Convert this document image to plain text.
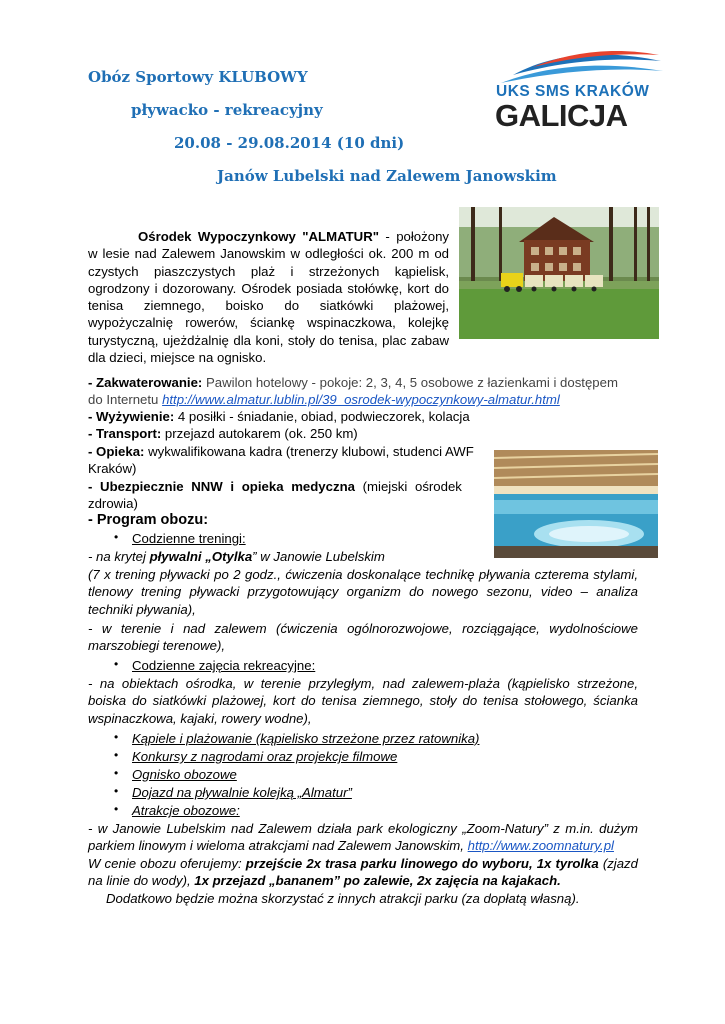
Obóz Sportowy KLUBOWY
pływacko - rekreacyjny
20.08 - 29.08.2014 (10 dni)
Janów Lubelski nad Zalewem Janowskim
UKS SMS KRAKÓW
GALICJA
Ośrodek Wypoczynkowy "ALMATUR" - położony w lesie nad Zalewem Janowskim w odległości ok. 200 m od czystych piaszczystych plaż i strzeżonych kąpielisk, ogrodzony i dozorowany. Ośrodek posiada stołówkę, kort do tenisa ziemnego, boisko do siatkówki plażowej, wypożyczalnię rowerów, ściankę wspinaczkowa, kolejkę turystyczną, ujeżdżalnię dla koni, stoły do tenisa, plac zabaw dla dzieci, miejsce na ognisko.
- Zakwaterowanie: Pawilon hotelowy - pokoje: 2, 3, 4, 5 osobowe z łazienkami i dostępem
do Internetu http://www.almatur.lublin.pl/39_osrodek-wypoczynkowy-almatur.html
- Wyżywienie: 4 posiłki - śniadanie, obiad, podwieczorek, kolacja
- Transport: przejazd autokarem (ok. 250 km)
- Opieka: wykwalifikowana kadra (trenerzy klubowi, studenci AWF
Kraków)
- Ubezpiecznie NNW i opieka medyczna (miejski ośrodek
zdrowia)
- Program obozu:
• Codzienne treningi:
- na krytej pływalni „Otylka” w Janowie Lubelskim
(7 x trening pływacki po 2 godz., ćwiczenia doskonalące technikę pływania czterema stylami, tlenowy trening pływacki przygotowujący organizm do nowego sezonu, video – analiza techniki pływania),
- w terenie i nad zalewem (ćwiczenia ogólnorozwojowe, rozciągające, wydolnościowe marszobiegi terenowe),
• Codzienne zajęcia rekreacyjne:
- na obiektach ośrodka, w terenie przyległym, nad zalewem-plaża (kąpielisko strzeżone, boiska do siatkówki plażowej, kort do tenisa ziemnego, stoły do tenisa stołowego, ścianka wspinaczkowa, kajaki, rowery wodne),
• Kąpiele i plażowanie (kąpielisko strzeżone przez ratownika)
• Konkursy z nagrodami oraz projekcje filmowe
• Ognisko obozowe
• Dojazd na pływalnie kolejką „Almatur”
• Atrakcje obozowe:
- w Janowie Lubelskim nad Zalewem działa park ekologiczny „Zoom-Natury” z m.in. dużym parkiem linowym i wieloma atrakcjami nad Zalewem Janowskim, http://www.zoomnatury.pl
W cenie obozu oferujemy: przejście 2x trasa parku linowego do wyboru, 1x tyrolka (zjazd na linie do wody), 1x przejazd „bananem” po zalewie, 2x zajęcia na kajakach.
Dodatkowo będzie można skorzystać z innych atrakcji parku (za dopłatą własną).
